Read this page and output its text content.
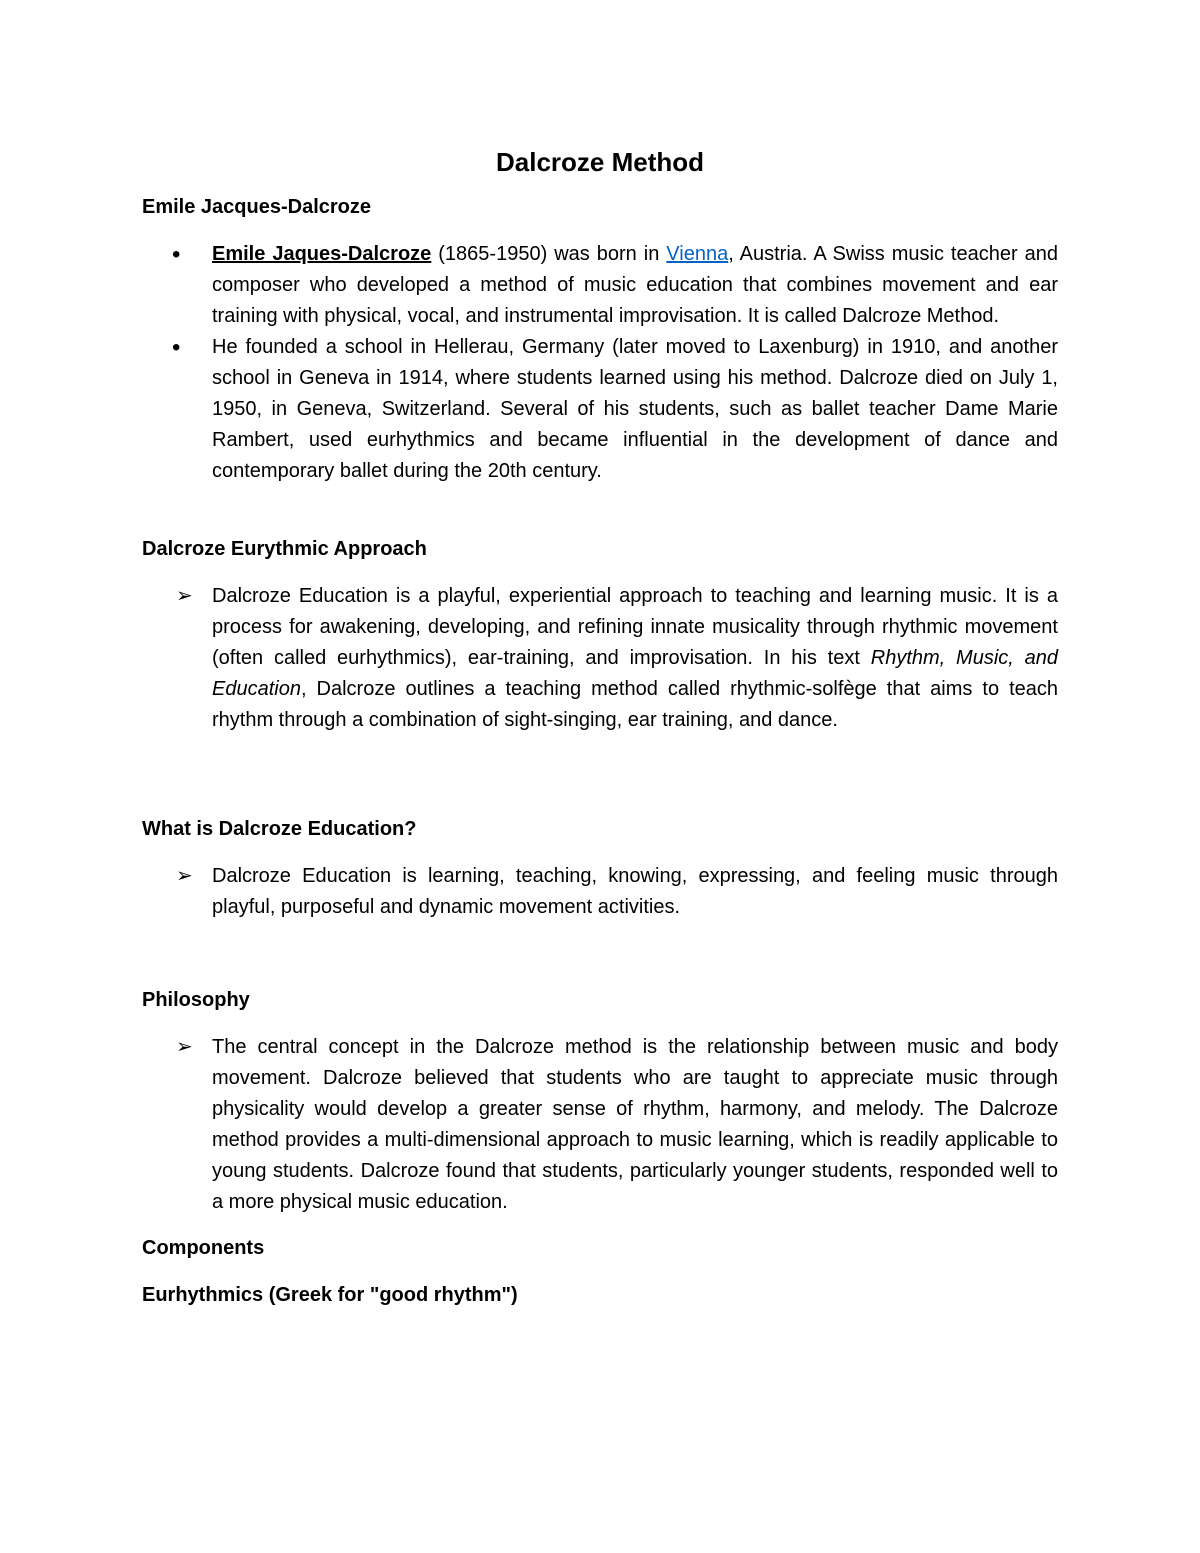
Dalcroze Method
Emile Jacques-Dalcroze
•	Emile Jaques-Dalcroze (1865-1950) was born in Vienna, Austria. A Swiss music teacher and composer who developed a method of music education that combines movement and ear training with physical, vocal, and instrumental improvisation. It is called Dalcroze Method.
•	He founded a school in Hellerau, Germany (later moved to Laxenburg) in 1910, and another school in Geneva in 1914, where students learned using his method. Dalcroze died on July 1, 1950, in Geneva, Switzerland. Several of his students, such as ballet teacher Dame Marie Rambert, used eurhythmics and became influential in the development of dance and contemporary ballet during the 20th century.
Dalcroze Eurythmic Approach
➢ Dalcroze Education is a playful, experiential approach to teaching and learning music. It is a process for awakening, developing, and refining innate musicality through rhythmic movement (often called eurhythmics), ear-training, and improvisation. In his text Rhythm, Music, and Education, Dalcroze outlines a teaching method called rhythmic-solfège that aims to teach rhythm through a combination of sight-singing, ear training, and dance.
What is Dalcroze Education?
➢ Dalcroze Education is learning, teaching, knowing, expressing, and feeling music through playful, purposeful and dynamic movement activities.
Philosophy
➢ The central concept in the Dalcroze method is the relationship between music and body movement. Dalcroze believed that students who are taught to appreciate music through physicality would develop a greater sense of rhythm, harmony, and melody. The Dalcroze method provides a multi-dimensional approach to music learning, which is readily applicable to young students. Dalcroze found that students, particularly younger students, responded well to a more physical music education.
Components
Eurhythmics (Greek for "good rhythm")
